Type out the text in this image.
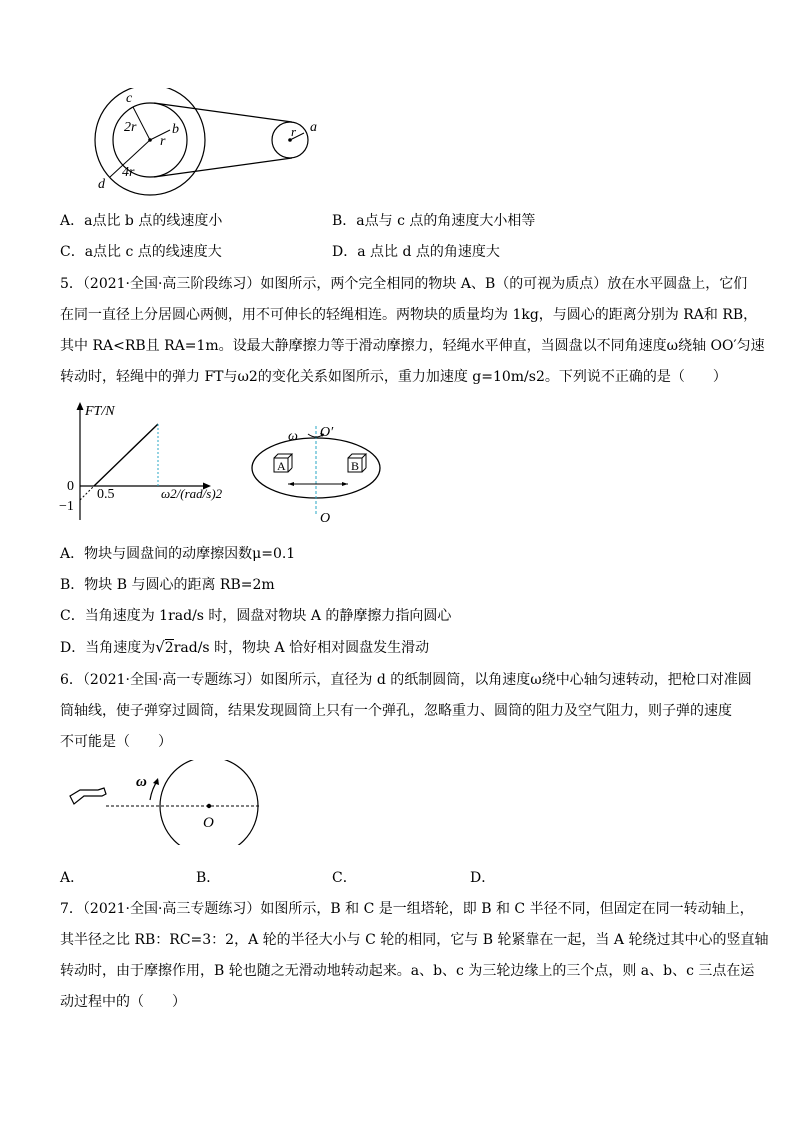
c
2r	b
r
4r
d
r a
A．a点比 b 点的线速度小	B．a点与 c 点的角速度大小相等
C．a点比 c 点的线速度大	D．a 点比 d 点的角速度大
5．（2021·全国·高三阶段练习）如图所示，两个完全相同的物块 A、B（的可视为质点）放在水平圆盘上，它们
在同一直径上分居圆心两侧，用不可伸长的轻绳相连。两物块的质量均为 1kg，与圆心的距离分别为 RA和 RB，
其中 RA<RB且 RA=1m。设最大静摩擦力等于滑动摩擦力，轻绳水平伸直，当圆盘以不同角速度ω绕轴 OO′匀速
转动时，轻绳中的弹力 FT与ω2的变化关系如图所示，重力加速度 g=10m/s2。下列说不正确的是（　　）
FT/N
0
−1
0.5	ω2/(rad/s)2
A	B
ω O′
O
A．物块与圆盘间的动摩擦因数μ=0.1
B．物块 B 与圆心的距离 RB=2m
C．当角速度为 1rad/s 时，圆盘对物块 A 的静摩擦力指向圆心
D．当角速度为√2rad/s 时，物块 A 恰好相对圆盘发生滑动
6．（2021·全国·高一专题练习）如图所示，直径为 d 的纸制圆筒，以角速度ω绕中心轴匀速转动，把枪口对准圆
筒轴线，使子弹穿过圆筒，结果发现圆筒上只有一个弹孔，忽略重力、圆筒的阻力及空气阻力，则子弹的速度
不可能是（　　）
ω
O
A．	B．	C．	D．
7．（2021·全国·高三专题练习）如图所示，B 和 C 是一组塔轮，即 B 和 C 半径不同，但固定在同一转动轴上，
其半径之比 RB：RC=3：2，A 轮的半径大小与 C 轮的相同，它与 B 轮紧靠在一起，当 A 轮绕过其中心的竖直轴
转动时，由于摩擦作用，B 轮也随之无滑动地转动起来。a、b、c 为三轮边缘上的三个点，则 a、b、c 三点在运
动过程中的（　　）
